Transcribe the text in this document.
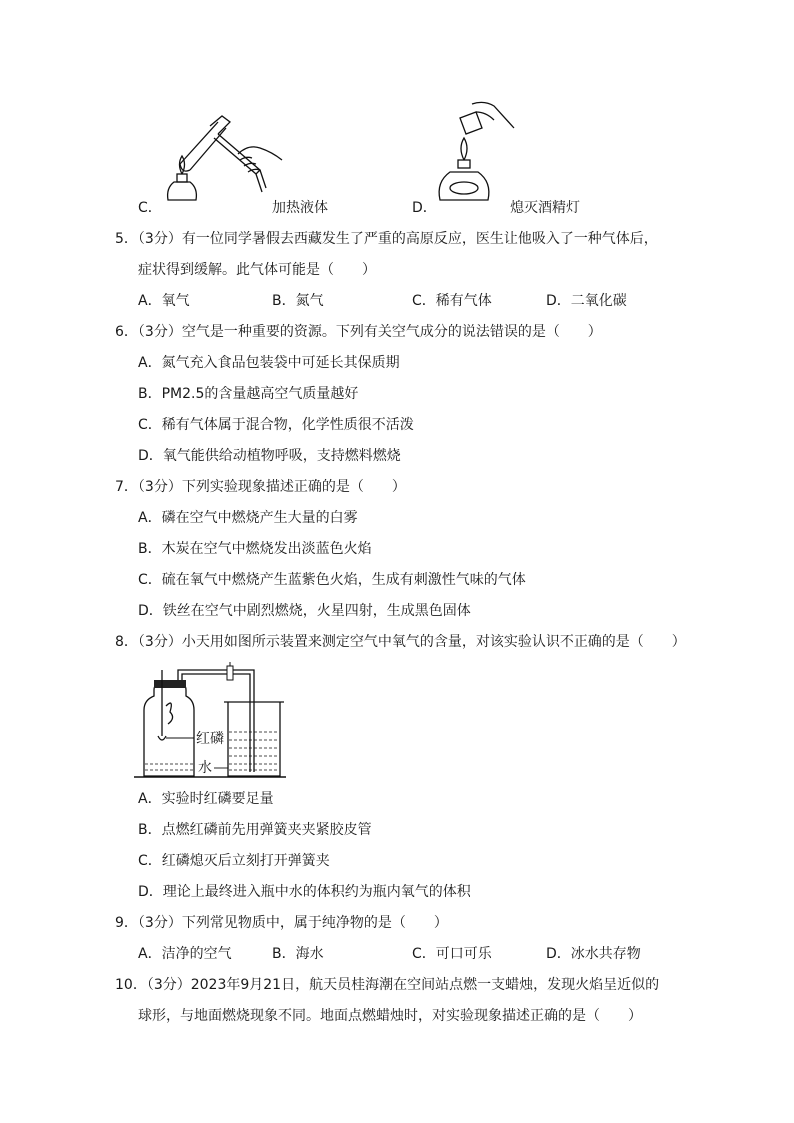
C．	加热液体	D．	熄灭酒精灯
5．（3分）有一位同学暑假去西藏发生了严重的高原反应，医生让他吸入了一种气体后，
症状得到缓解。此气体可能是（　　）
A．氧气	B．氮气	C．稀有气体	D．二氧化碳
6．（3分）空气是一种重要的资源。下列有关空气成分的说法错误的是（　　）
A．氮气充入食品包装袋中可延长其保质期
B．PM2.5的含量越高空气质量越好
C．稀有气体属于混合物，化学性质很不活泼
D．氧气能供给动植物呼吸，支持燃料燃烧
7．（3分）下列实验现象描述正确的是（　　）
A．磷在空气中燃烧产生大量的白雾
B．木炭在空气中燃烧发出淡蓝色火焰
C．硫在氧气中燃烧产生蓝紫色火焰，生成有刺激性气味的气体
D．铁丝在空气中剧烈燃烧，火星四射，生成黑色固体
8．（3分）小天用如图所示装置来测定空气中氧气的含量，对该实验认识不正确的是（　　）
红磷
水
A．实验时红磷要足量
B．点燃红磷前先用弹簧夹夹紧胶皮管
C．红磷熄灭后立刻打开弹簧夹
D．理论上最终进入瓶中水的体积约为瓶内氧气的体积
9．（3分）下列常见物质中，属于纯净物的是（　　）
A．洁净的空气	B．海水	C．可口可乐	D．冰水共存物
10．（3分）2023年9月21日，航天员桂海潮在空间站点燃一支蜡烛，发现火焰呈近似的
球形，与地面燃烧现象不同。地面点燃蜡烛时，对实验现象描述正确的是（　　）
